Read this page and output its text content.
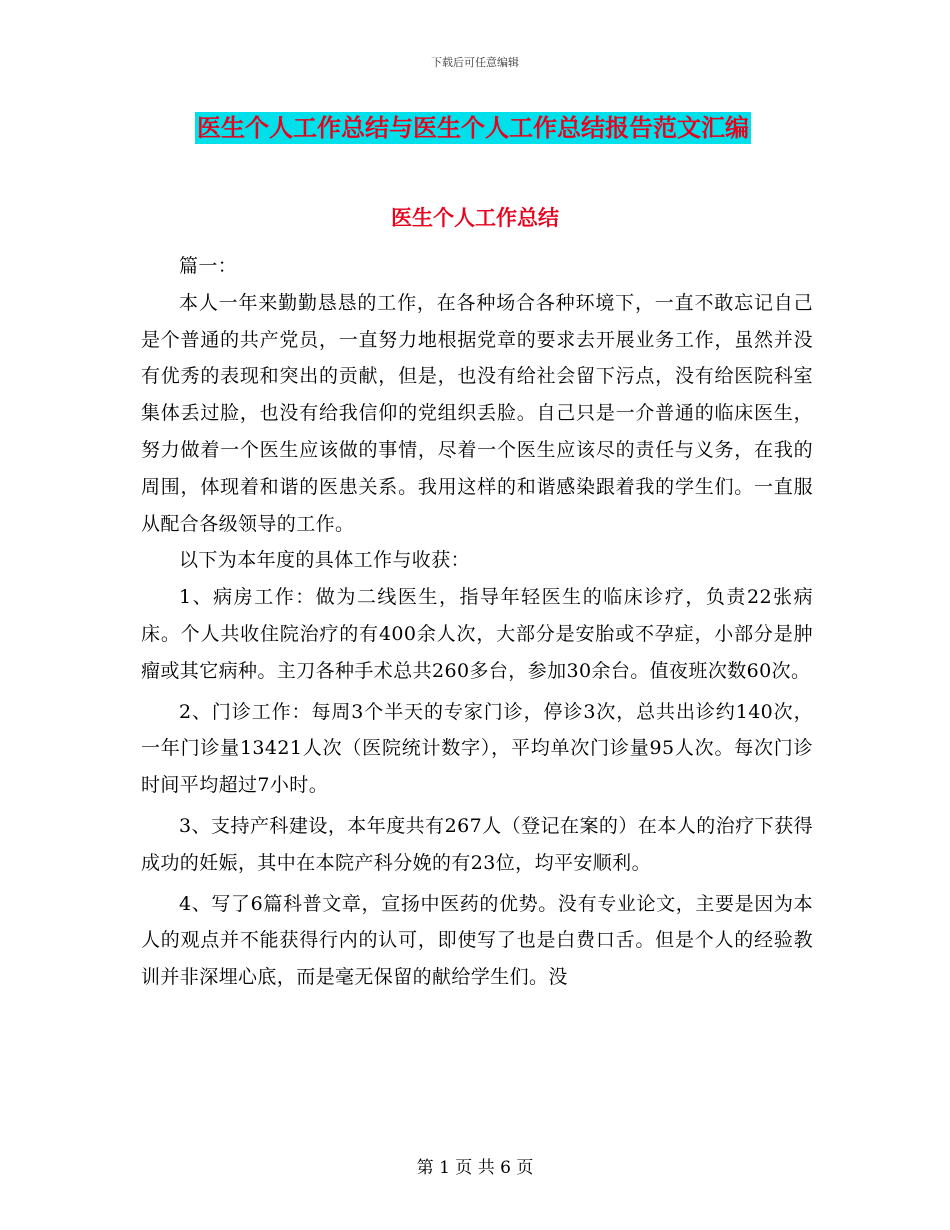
下载后可任意编辑
医生个人工作总结与医生个人工作总结报告范文汇编
医生个人工作总结

篇一：

本人一年来勤勤恳恳的工作，在各种场合各种环境下，一直不敢忘记自己是个普通的共产党员，一直努力地根据党章的要求去开展业务工作，虽然并没有优秀的表现和突出的贡献，但是，也没有给社会留下污点，没有给医院科室集体丢过脸，也没有给我信仰的党组织丢脸。自己只是一介普通的临床医生，努力做着一个医生应该做的事情，尽着一个医生应该尽的责任与义务，在我的周围，体现着和谐的医患关系。我用这样的和谐感染跟着我的学生们。一直服从配合各级领导的工作。

以下为本年度的具体工作与收获：

1、病房工作：做为二线医生，指导年轻医生的临床诊疗，负责22张病床。个人共收住院治疗的有400余人次，大部分是安胎或不孕症，小部分是肿瘤或其它病种。主刀各种手术总共260多台，参加30余台。值夜班次数60次。

2、门诊工作：每周3个半天的专家门诊，停诊3次，总共出诊约140次，一年门诊量13421人次（医院统计数字），平均单次门诊量95人次。每次门诊时间平均超过7小时。

3、支持产科建设，本年度共有267人（登记在案的）在本人的治疗下获得成功的妊娠，其中在本院产科分娩的有23位，均平安顺利。

4、写了6篇科普文章，宣扬中医药的优势。没有专业论文，主要是因为本人的观点并不能获得行内的认可，即使写了也是白费口舌。但是个人的经验教训并非深埋心底，而是毫无保留的献给学生们。没

第 1 页 共 6 页
